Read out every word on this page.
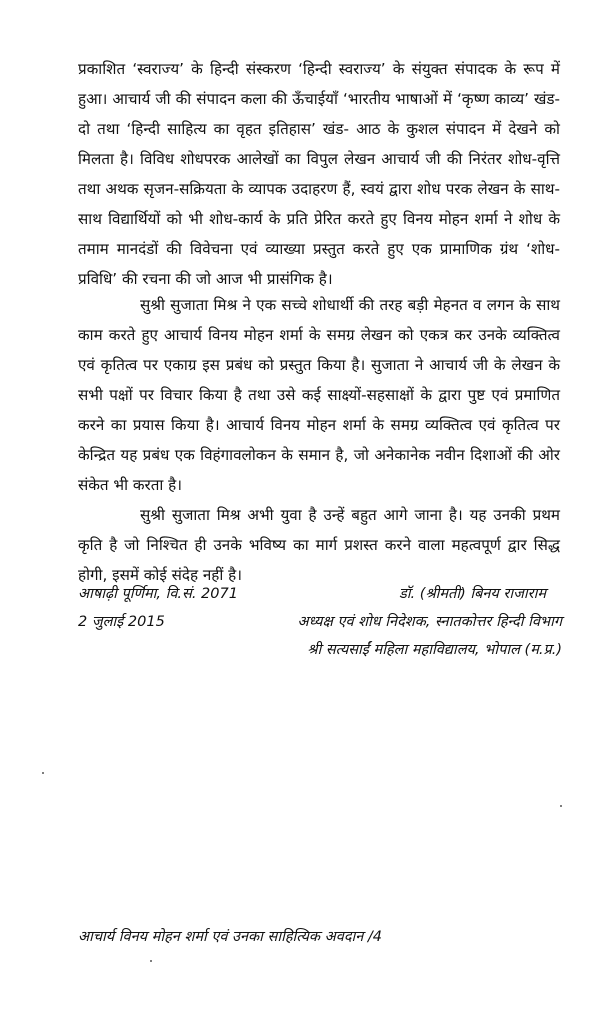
प्रकाशित ‘स्वराज्य’ के हिन्दी संस्करण ‘हिन्दी स्वराज्य’ के संयुक्त संपादक के रूप में हुआ। आचार्य जी की संपादन कला की ऊँचाईयाँ ‘भारतीय भाषाओं में ‘कृष्ण काव्य’ खंड- दो तथा ‘हिन्दी साहित्य का वृहत इतिहास’ खंड- आठ के कुशल संपादन में देखने को मिलता है। विविध शोधपरक आलेखों का विपुल लेखन आचार्य जी की निरंतर शोध-वृत्ति तथा अथक सृजन-सक्रियता के व्यापक उदाहरण हैं, स्वयं द्वारा शोध परक लेखन के साथ-साथ विद्यार्थियों को भी शोध-कार्य के प्रति प्रेरित करते हुए विनय मोहन शर्मा ने शोध के तमाम मानदंडों की विवेचना एवं व्याख्या प्रस्तुत करते हुए एक प्रामाणिक ग्रंथ ‘शोध-प्रविधि’ की रचना की जो आज भी प्रासंगिक है।

सुश्री सुजाता मिश्र ने एक सच्चे शोधार्थी की तरह बड़ी मेहनत व लगन के साथ काम करते हुए आचार्य विनय मोहन शर्मा के समग्र लेखन को एकत्र कर उनके व्यक्तित्व एवं कृतित्व पर एकाग्र इस प्रबंध को प्रस्तुत किया है। सुजाता ने आचार्य जी के लेखन के सभी पक्षों पर विचार किया है तथा उसे कई साक्ष्यों-सहसाक्षों के द्वारा पुष्ट एवं प्रमाणित करने का प्रयास किया है। आचार्य विनय मोहन शर्मा के समग्र व्यक्तित्व एवं कृतित्व पर केन्द्रित यह प्रबंध एक विहंगावलोकन के समान है, जो अनेकानेक नवीन दिशाओं की ओर संकेत भी करता है।

सुश्री सुजाता मिश्र अभी युवा है उन्हें बहुत आगे जाना है। यह उनकी प्रथम कृति है जो निश्चित ही उनके भविष्य का मार्ग प्रशस्त करने वाला महत्वपूर्ण द्वार सिद्ध होगी, इसमें कोई संदेह नहीं है।

आषाढ़ी पूर्णिमा, वि.सं. 2071
2 जुलाई 2015
डॉ. (श्रीमती) बिनय राजाराम
अध्यक्ष एवं शोध निदेशक, स्नातकोत्तर हिन्दी विभाग
श्री सत्यसाईं महिला महाविद्यालय, भोपाल (म.प्र.)
आचार्य विनय मोहन शर्मा एवं उनका साहित्यिक अवदान /4
